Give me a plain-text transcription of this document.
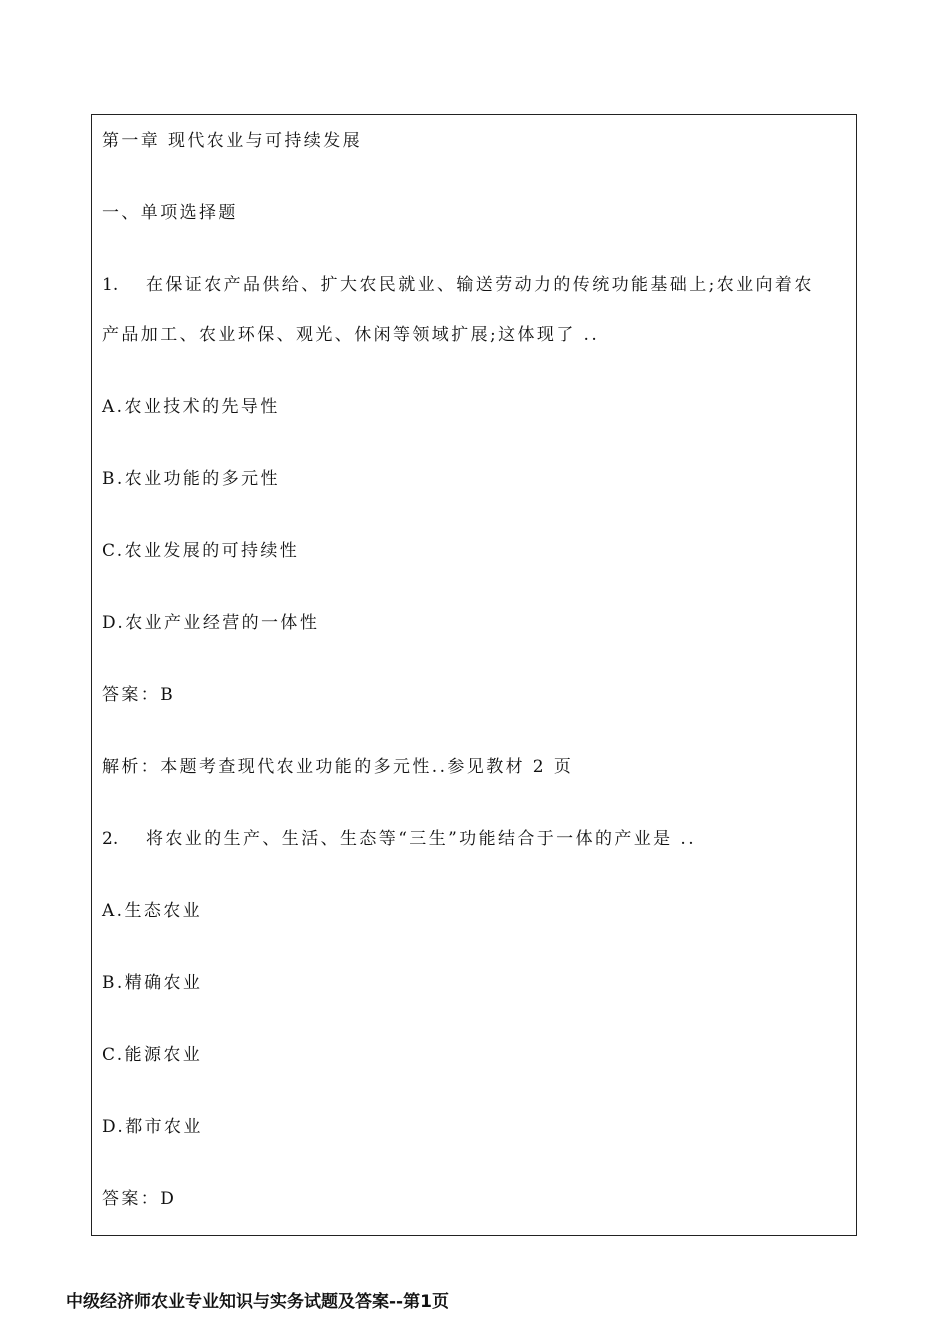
第一章 现代农业与可持续发展
一、单项选择题
1. 在保证农产品供给、扩大农民就业、输送劳动力的传统功能基础上;农业向着农
产品加工、农业环保、观光、休闲等领域扩展;这体现了 ..
A.农业技术的先导性
B.农业功能的多元性
C.农业发展的可持续性
D.农业产业经营的一体性
答案：B
解析：本题考查现代农业功能的多元性..参见教材 2 页
2. 将农业的生产、生活、生态等“三生”功能结合于一体的产业是 ..
A.生态农业
B.精确农业
C.能源农业
D.都市农业
答案：D
中级经济师农业专业知识与实务试题及答案--第1页
